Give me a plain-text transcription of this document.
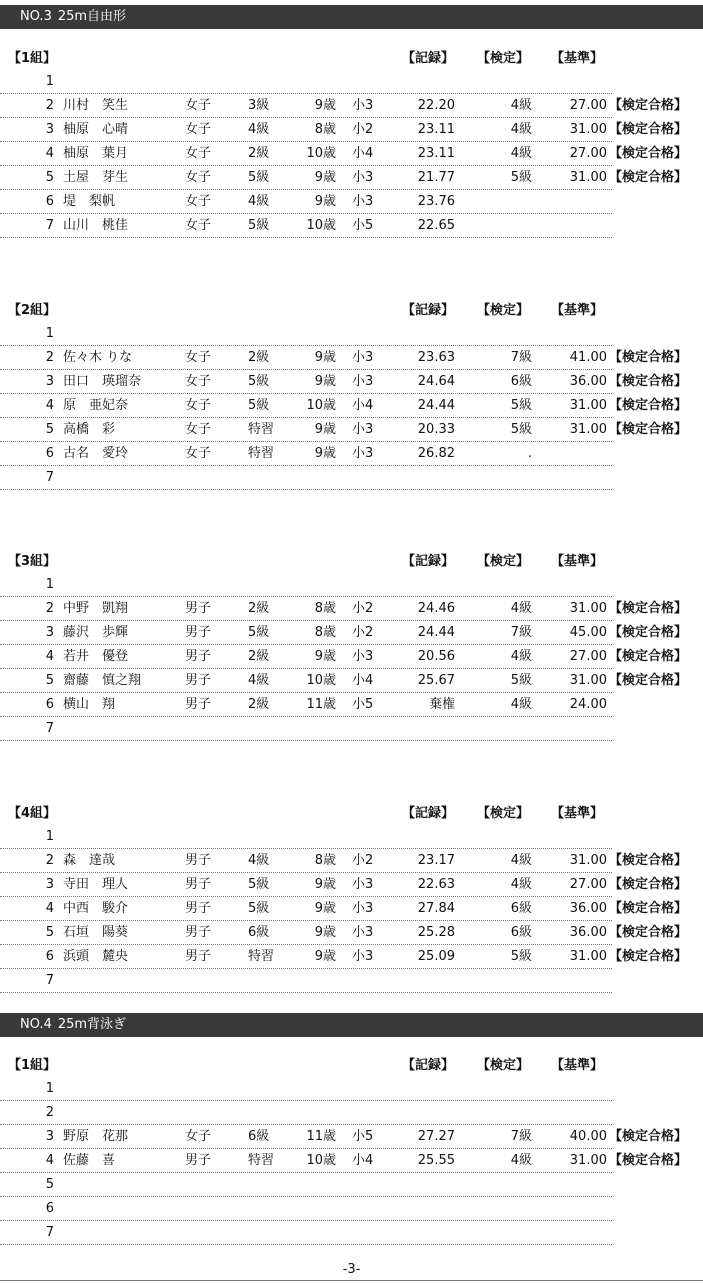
NO.3 25m自由形
【1組】	【記録】 【検定】 【基準】
1
2 川村　笑生	女子	3級	9歳 小3	22.20	4級	27.00 【検定合格】
3 柚原　心晴	女子	4級	8歳 小2	23.11	4級	31.00 【検定合格】
4 柚原　葉月	女子	2級	10歳 小4	23.11	4級	27.00 【検定合格】
5 土屋　芽生	女子	5級	9歳 小3	21.77	5級	31.00 【検定合格】
6 堤　梨帆	女子	4級	9歳 小3	23.76
7 山川　桃佳	女子	5級	10歳 小5	22.65
【2組】	【記録】 【検定】 【基準】
1
2 佐々木 りな	女子	2級	9歳 小3	23.63	7級	41.00 【検定合格】
3 田口　瑛瑠奈	女子	5級	9歳 小3	24.64	6級	36.00 【検定合格】
4 原　亜妃奈	女子	5級	10歳 小4	24.44	5級	31.00 【検定合格】
5 高橋　彩	女子	特習	9歳 小3	20.33	5級	31.00 【検定合格】
6 古名　愛玲	女子	特習	9歳 小3	26.82	.
7
【3組】	【記録】 【検定】 【基準】
1
2 中野　凱翔	男子	2級	8歳 小2	24.46	4級	31.00 【検定合格】
3 藤沢　歩輝	男子	5級	8歳 小2	24.44	7級	45.00 【検定合格】
4 若井　優登	男子	2級	9歳 小3	20.56	4級	27.00 【検定合格】
5 齋藤　慎之翔	男子	4級	10歳 小4	25.67	5級	31.00 【検定合格】
6 横山　翔	男子	2級	11歳 小5	棄権	4級	24.00
7
【4組】	【記録】 【検定】 【基準】
1
2 森　達哉	男子	4級	8歳 小2	23.17	4級	31.00 【検定合格】
3 寺田　理人	男子	5級	9歳 小3	22.63	4級	27.00 【検定合格】
4 中西　駿介	男子	5級	9歳 小3	27.84	6級	36.00 【検定合格】
5 石垣　陽葵	男子	6級	9歳 小3	25.28	6級	36.00 【検定合格】
6 浜頭　麓央	男子	特習	9歳 小3	25.09	5級	31.00 【検定合格】
7
NO.4 25m背泳ぎ
【1組】	【記録】 【検定】 【基準】
1
2
3 野原　花那	女子	6級	11歳 小5	27.27	7級	40.00 【検定合格】
4 佐藤　喜	男子	特習	10歳 小4	25.55	4級	31.00 【検定合格】
5
6
7
-3-
